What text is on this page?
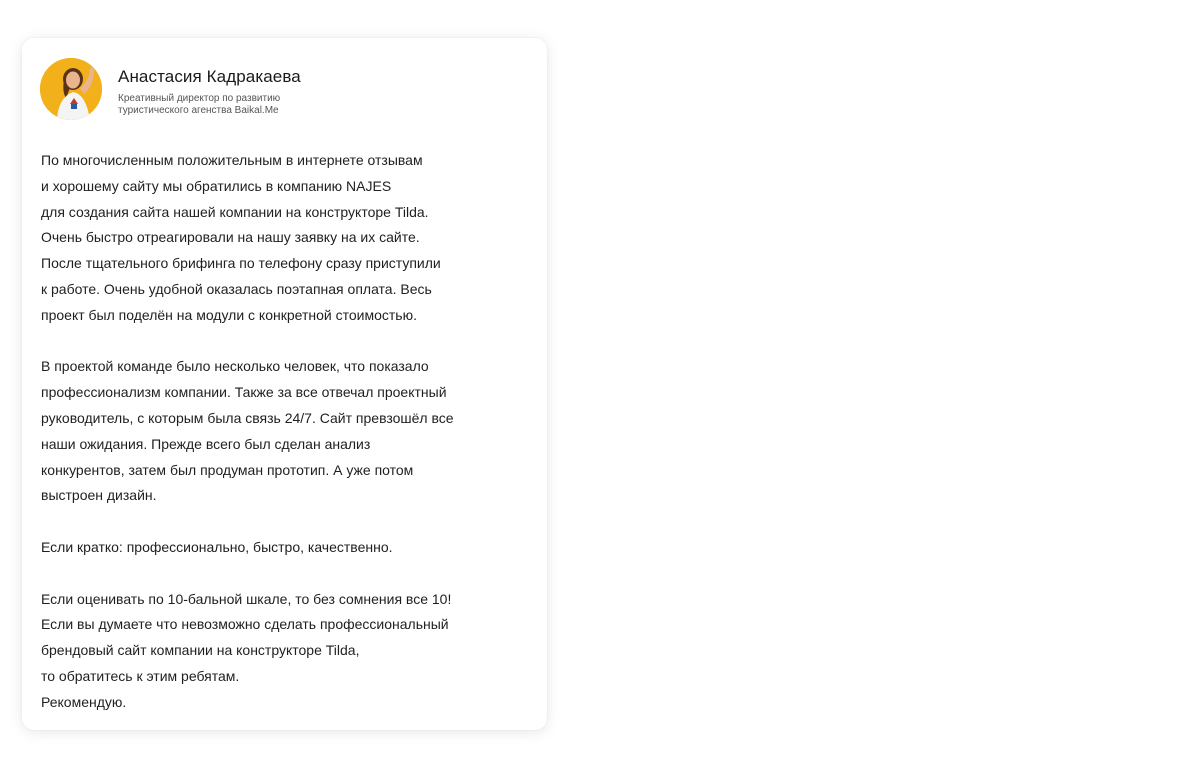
Анастасия Кадракаева
Креативный директор по развитию
туристического агенства Baikal.Me

По многочисленным положительным в интернете отзывам
и хорошему сайту мы обратились в компанию NAJES
для создания сайта нашей компании на конструкторе Tilda.
Очень быстро отреагировали на нашу заявку на их сайте.
После тщательного брифинга по телефону сразу приступили
к работе. Очень удобной оказалась поэтапная оплата. Весь
проект был поделён на модули с конкретной стоимостью.

В проектой команде было несколько человек, что показало
профессионализм компании. Также за все отвечал проектный
руководитель, с которым была связь 24/7. Сайт превзошёл все
наши ожидания. Прежде всего был сделан анализ
конкурентов, затем был продуман прототип. А уже потом
выстроен дизайн.

Если кратко: профессионально, быстро, качественно.

Если оценивать по 10-бальной шкале, то без сомнения все 10!
Если вы думаете что невозможно сделать профессиональный
брендовый сайт компании на конструкторе Tilda,
то обратитесь к этим ребятам.
Рекомендую.
